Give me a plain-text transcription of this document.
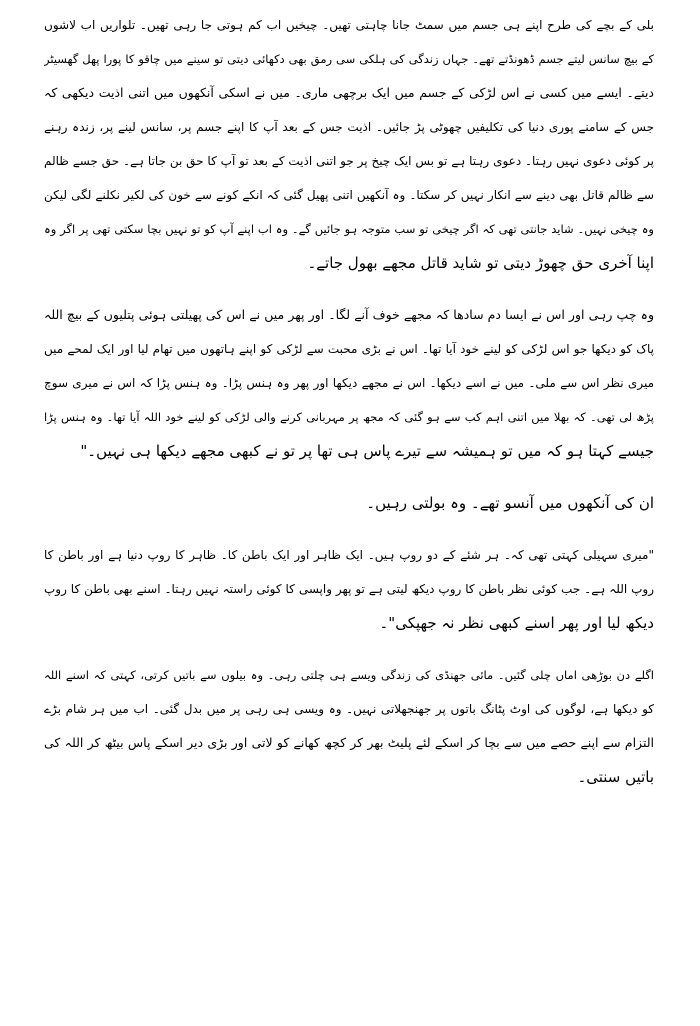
بلی کے بچے کی طرح اپنے ہی جسم میں سمٹ جانا چاہتی تھیں۔ چیخیں اب کم ہوتی جا رہی تھیں۔ تلواریں اب لاشوں
کے بیچ سانس لیتے جسم ڈھونڈتے تھے۔ جہاں زندگی کی ہلکی سی رمق بھی دکھائی دیتی تو سینے میں چاقو کا پورا پھل گھسیٹر
دیتے۔ ایسے میں کسی نے اس لڑکی کے جسم میں ایک برچھی ماری۔ میں نے اسکی آنکھوں میں اتنی اذیت دیکھی کہ
جس کے سامنے پوری دنیا کی تکلیفیں چھوٹی پڑ جائیں۔ اذیت جس کے بعد آپ کا اپنے جسم پر، سانس لینے پر، زندہ رہنے
پر کوئی دعوی نہیں رہتا۔ دعوی رہتا ہے تو بس ایک چیخ پر جو اتنی اذیت کے بعد تو آپ کا حق بن جاتا ہے۔ حق جسے ظالم
سے ظالم قاتل بھی دینے سے انکار نہیں کر سکتا۔ وہ آنکھیں اتنی پھیل گئی کہ انکے کونے سے خون کی لکیر نکلنے لگی لیکن
وہ چیخی نہیں۔ شاید جانتی تھی کہ اگر چیخی تو سب متوجہ ہو جائیں گے۔ وہ اب اپنے آپ کو تو نہیں بچا سکتی تھی پر اگر وہ
اپنا آخری حق چھوڑ دیتی تو شاید قاتل مجھے بھول جاتے۔
وہ چپ رہی اور اس نے ایسا دم سادھا کہ مجھے خوف آنے لگا۔ اور پھر میں نے اس کی پھیلتی ہوئی پتلیوں کے بیچ اللہ
پاک کو دیکھا جو اس لڑکی کو لینے خود آیا تھا۔ اس نے بڑی محبت سے لڑکی کو اپنے ہاتھوں میں تھام لیا اور ایک لمحے میں
میری نظر اس سے ملی۔ میں نے اسے دیکھا۔ اس نے مجھے دیکھا اور پھر وہ ہنس پڑا۔ وہ ہنس پڑا کہ اس نے میری سوچ
پڑھ لی تھی۔ کہ بھلا میں اتنی اہم کب سے ہو گئی کہ مجھ پر مہربانی کرنے والی لڑکی کو لینے خود اللہ آیا تھا۔ وہ ہنس پڑا
جیسے کہتا ہو کہ میں تو ہمیشہ سے تیرے پاس ہی تھا پر تو نے کبھی مجھے دیکھا ہی نہیں۔"
ان کی آنکھوں میں آنسو تھے۔ وہ بولتی رہیں۔
"میری سہیلی کہتی تھی کہ۔ ہر شئے کے دو روپ ہیں۔ ایک ظاہر اور ایک باطن کا۔ ظاہر کا روپ دنیا ہے اور باطن کا
روپ اللہ ہے۔ جب کوئی نظر باطن کا روپ دیکھ لیتی ہے تو پھر واپسی کا کوئی راستہ نہیں رہتا۔ اسنے بھی باطن کا روپ
دیکھ لیا اور پھر اسنے کبھی نظر نہ جھپکی"۔
اگلے دن بوڑھی اماں چلی گئیں۔ مائی جھنڈی کی زندگی ویسے ہی چلتی رہی۔ وہ بیلوں سے باتیں کرتی، کہتی کہ اسنے اللہ
کو دیکھا ہے، لوگوں کی اوٹ پٹانگ باتوں پر جھنجھلاتی نہیں۔ وہ ویسی ہی رہی پر میں بدل گئی۔ اب میں ہر شام بڑے
التزام سے اپنے حصے میں سے بچا کر اسکے لئے پلیٹ بھر کر کچھ کھانے کو لاتی اور بڑی دیر اسکے پاس بیٹھ کر اللہ کی
باتیں سنتی۔
